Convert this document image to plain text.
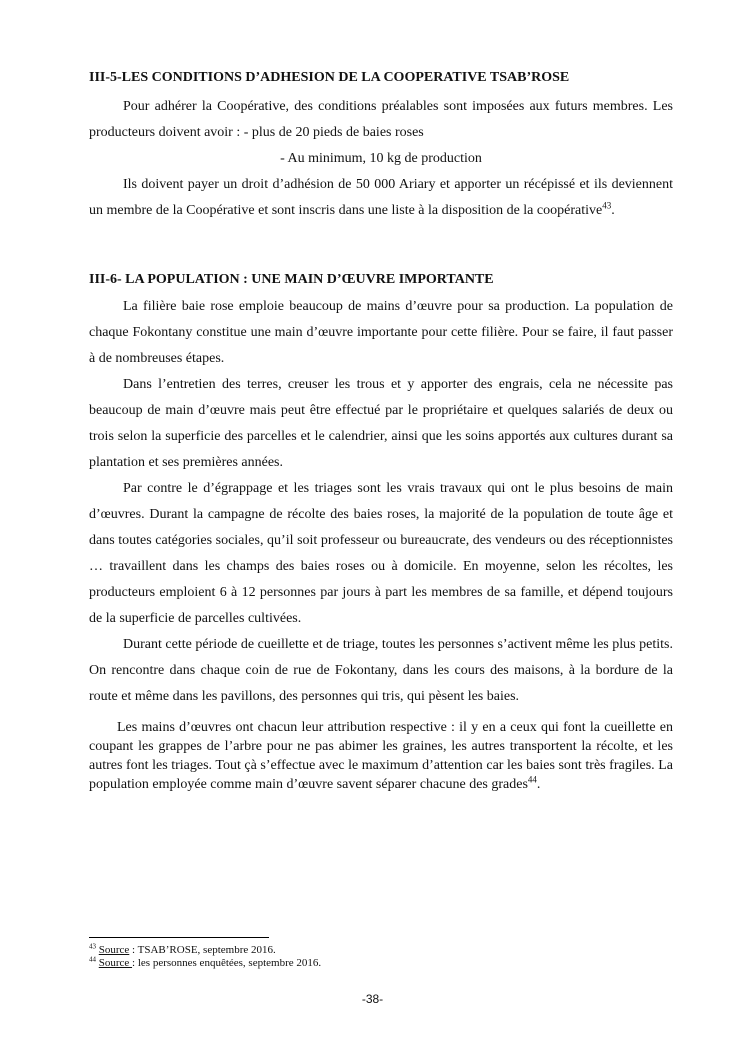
III-5-LES CONDITIONS D’ADHESION DE LA COOPERATIVE TSAB’ROSE

Pour adhérer la Coopérative, des conditions préalables sont imposées aux futurs membres. Les producteurs doivent avoir : - plus de 20 pieds de baies roses

- Au minimum, 10 kg de production

Ils doivent payer un droit d’adhésion de 50 000 Ariary et apporter un récépissé et ils deviennent un membre de la Coopérative et sont inscris dans une liste à la disposition de la coopérative$^{43}$.

III-6- LA POPULATION : UNE MAIN D’ŒUVRE IMPORTANTE

La filière baie rose emploie beaucoup de mains d’œuvre pour sa production. La population de chaque Fokontany constitue une main d’œuvre importante pour cette filière. Pour se faire, il faut passer à de nombreuses étapes.

Dans l’entretien des terres, creuser les trous et y apporter des engrais, cela ne nécessite pas beaucoup de main d’œuvre mais peut être effectué par le propriétaire et quelques salariés de deux ou trois selon la superficie des parcelles et le calendrier, ainsi que les soins apportés aux cultures durant sa plantation et ses premières années.

Par contre le d’égrappage et les triages sont les vrais travaux qui ont le plus besoins de main d’œuvres. Durant la campagne de récolte des baies roses, la majorité de la population de toute âge et dans toutes catégories sociales, qu’il soit professeur ou bureaucrate, des vendeurs ou des réceptionnistes … travaillent dans les champs des baies roses ou à domicile. En moyenne, selon les récoltes, les producteurs emploient 6 à 12 personnes par jours à part les membres de sa famille, et dépend toujours de la superficie de parcelles cultivées.

Durant cette période de cueillette et de triage, toutes les personnes s’activent même les plus petits. On rencontre dans chaque coin de rue de Fokontany, dans les cours des maisons, à la bordure de la route et même dans les pavillons, des personnes qui tris, qui pèsent les baies.

  Les mains d’œuvres ont chacun leur attribution respective : il y en a ceux qui font la cueillette en coupant les grappes de l’arbre pour ne pas abimer les graines, les autres transportent la récolte, et les autres font les triages. Tout çà s’effectue avec le maximum d’attention car les baies sont très fragiles. La population employée comme main d’œuvre savent séparer chacune des grades$^{44}$.

$^{43}$ Source : TSAB’ROSE, septembre 2016.
$^{44}$ Source : les personnes enquêtées, septembre 2016.
-38-
